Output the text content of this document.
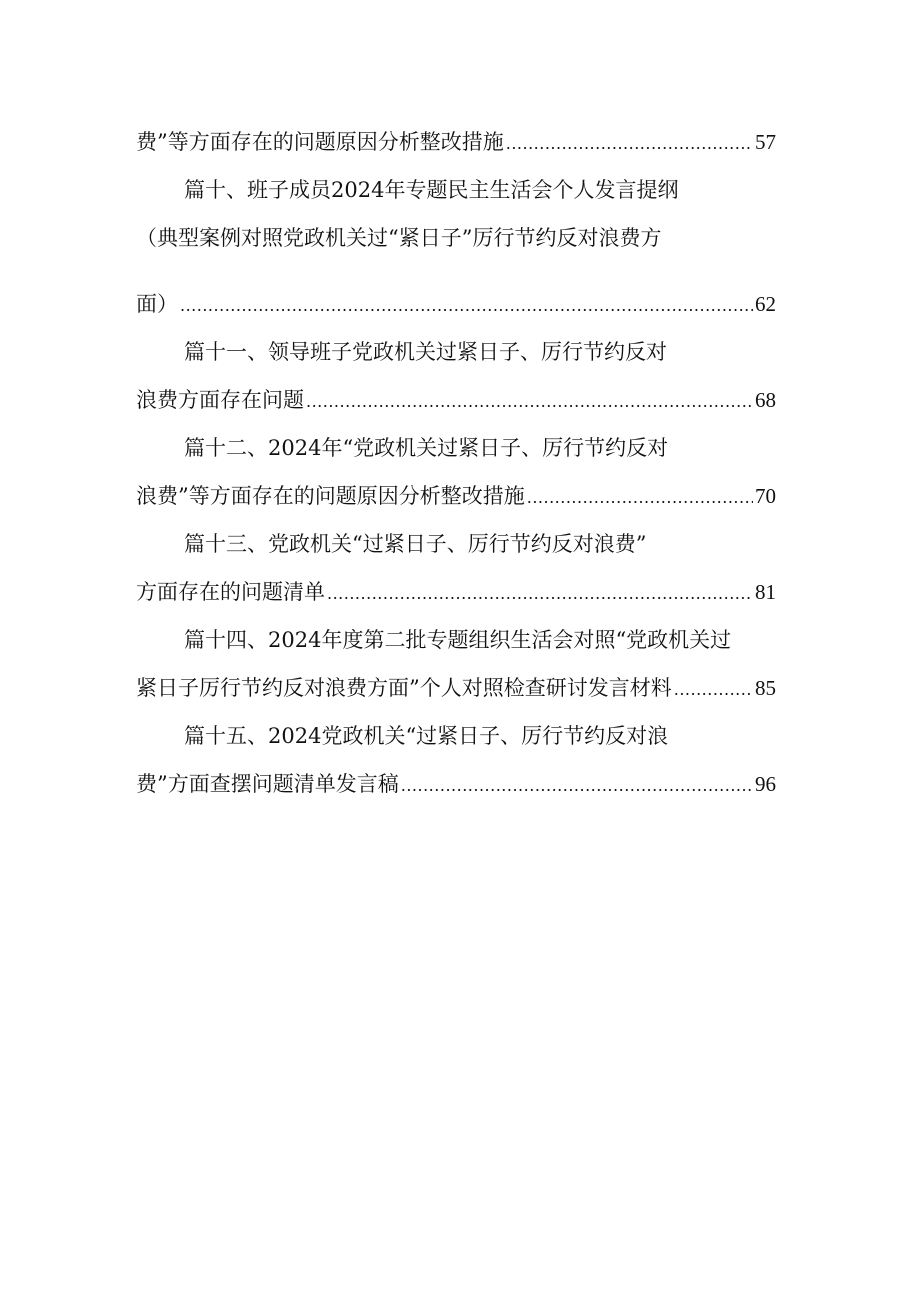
费”等方面存在的问题原因分析整改措施 .....	57
篇十、班子成员2024年专题民主生活会个人发言提纲
（典型案例对照党政机关过“紧日子”厉行节约反对浪费方
面） .....	62
篇十一、领导班子党政机关过紧日子、厉行节约反对
浪费方面存在问题 .....	68
篇十二、2024年“党政机关过紧日子、厉行节约反对
浪费”等方面存在的问题原因分析整改措施 .....	70
篇十三、党政机关“过紧日子、厉行节约反对浪费”
方面存在的问题清单 .....	81
篇十四、2024年度第二批专题组织生活会对照“党政机关过
紧日子厉行节约反对浪费方面”个人对照检查研讨发言材料 .....	85
篇十五、2024党政机关“过紧日子、厉行节约反对浪
费”方面查摆问题清单发言稿 .....	96
